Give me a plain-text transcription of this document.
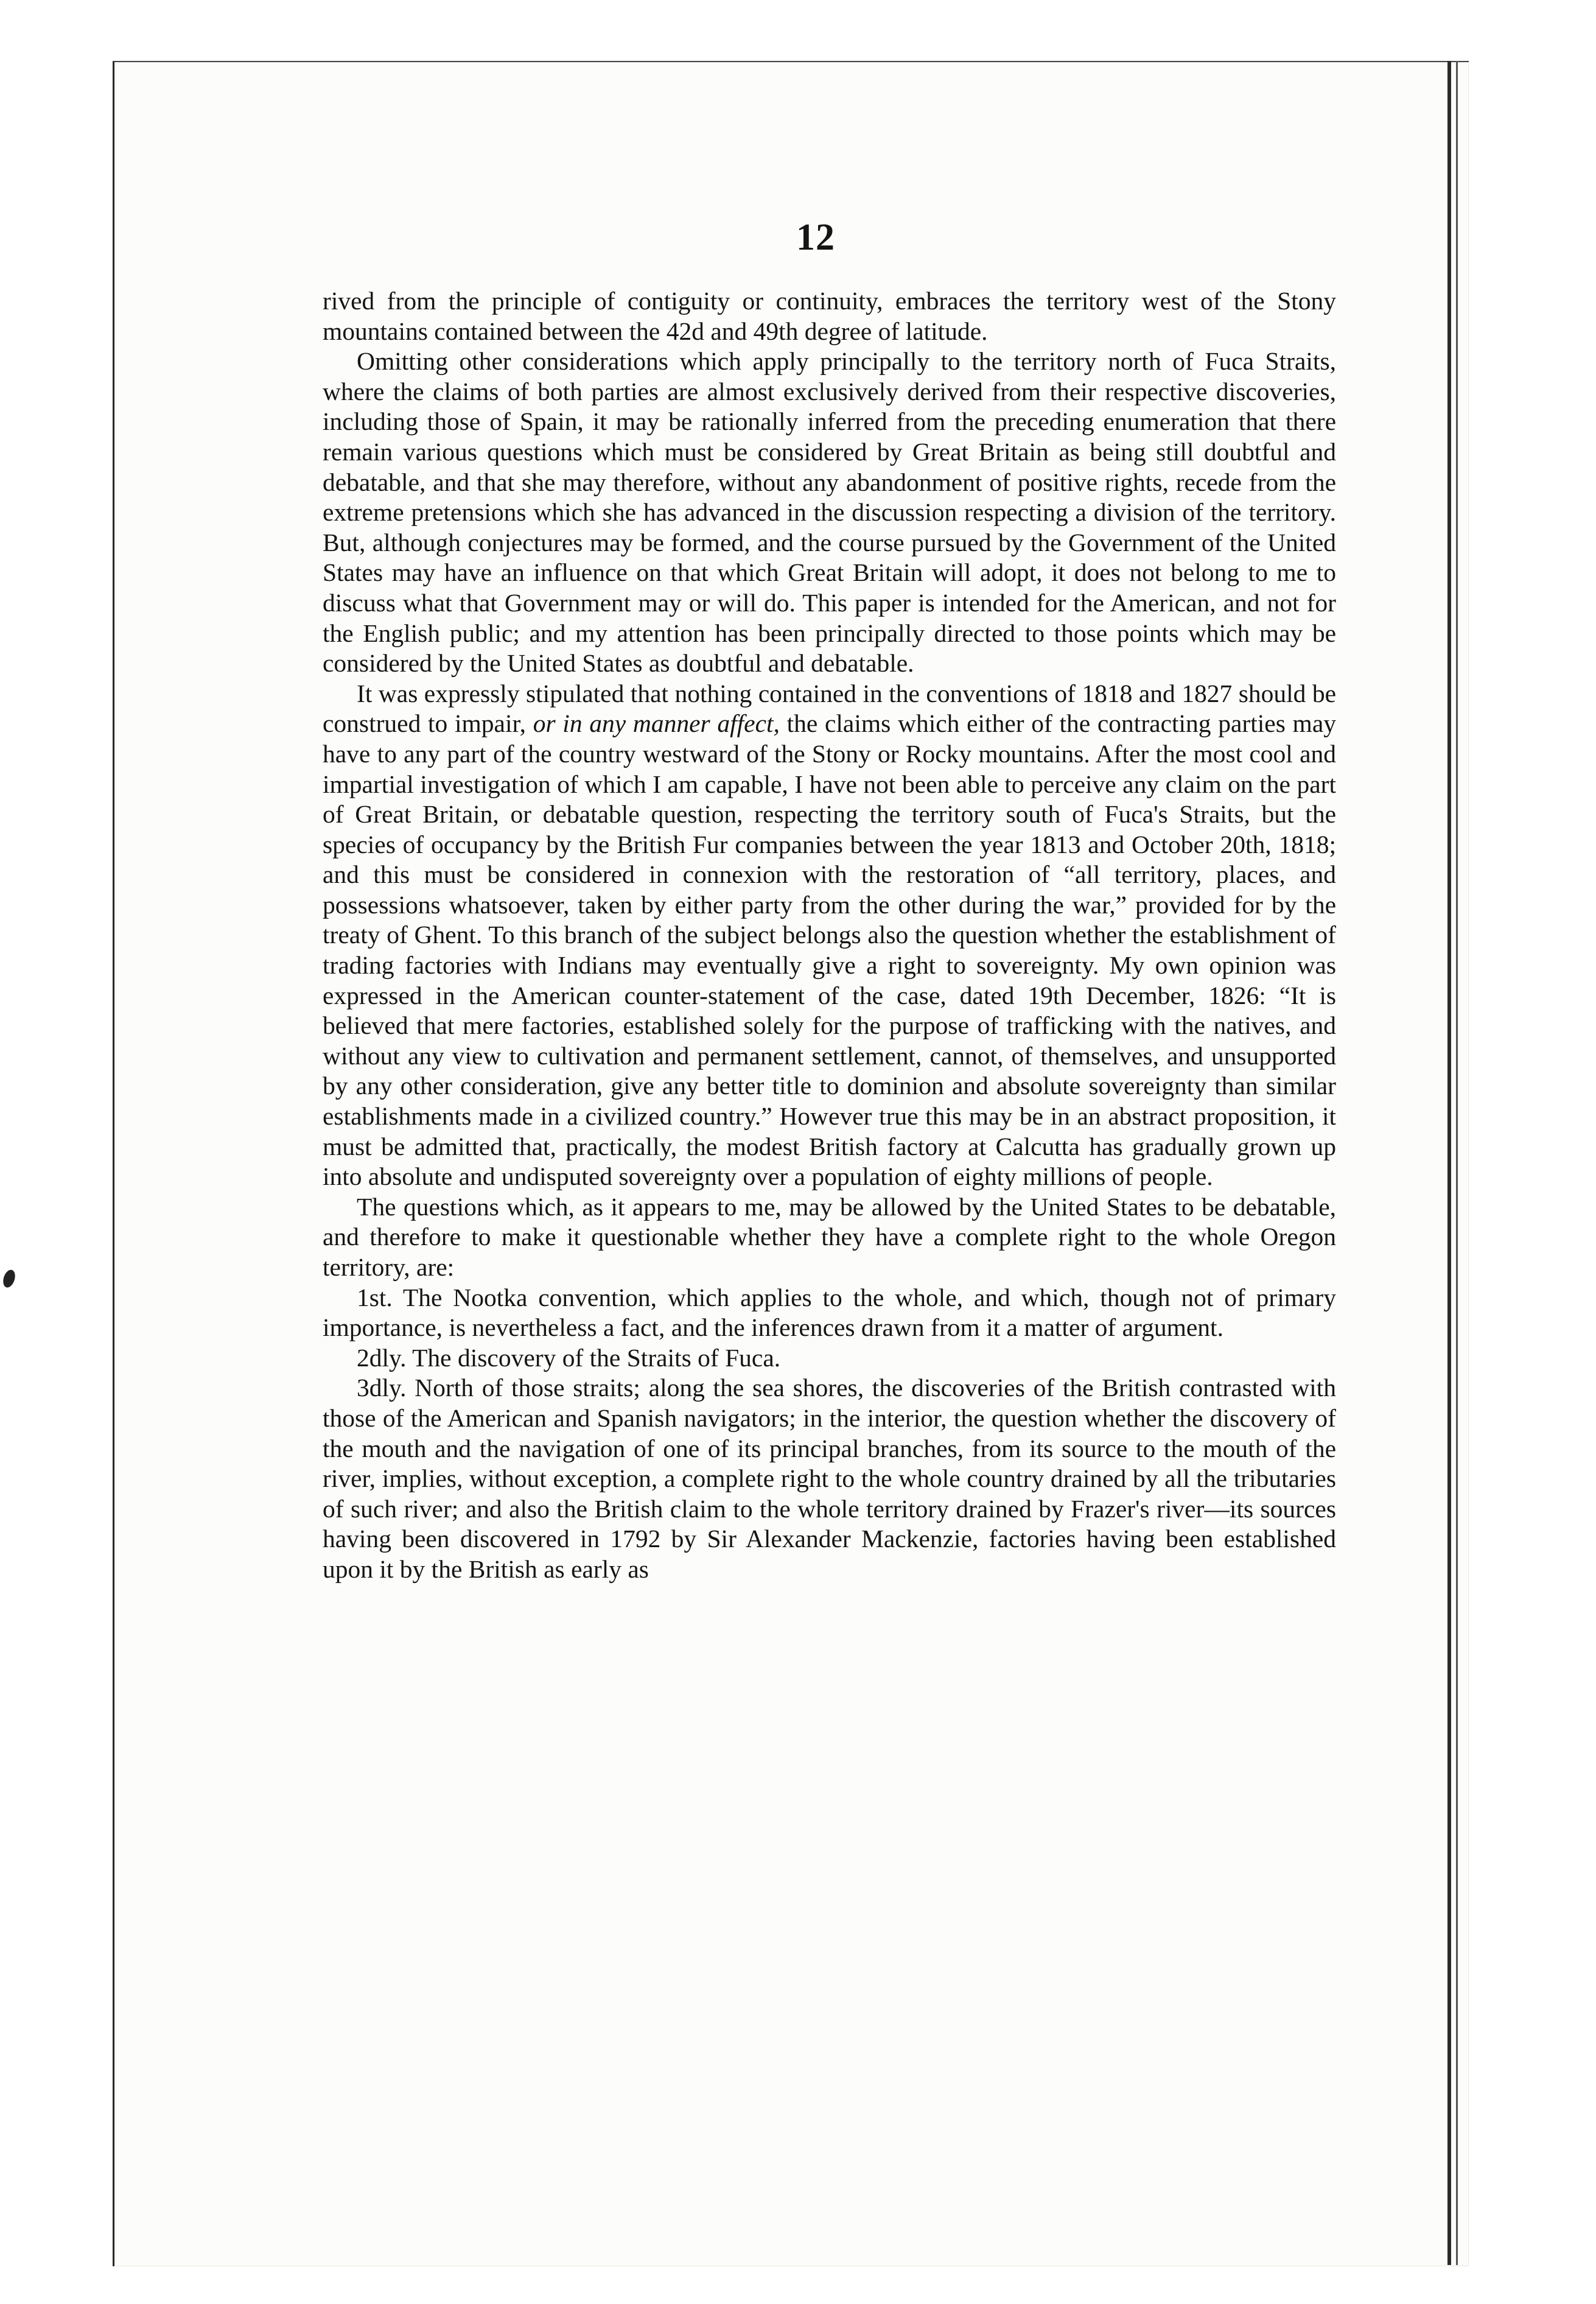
12

rived from the principle of contiguity or continuity, embraces the territory west of the Stony mountains contained between the 42d and 49th degree of latitude.

Omitting other considerations which apply principally to the territory north of Fuca Straits, where the claims of both parties are almost exclusively derived from their respective discoveries, including those of Spain, it may be rationally inferred from the preceding enumeration that there remain various questions which must be considered by Great Britain as being still doubtful and debatable, and that she may therefore, without any abandonment of positive rights, recede from the extreme pretensions which she has advanced in the discussion respecting a division of the territory. But, although conjectures may be formed, and the course pursued by the Government of the United States may have an influence on that which Great Britain will adopt, it does not belong to me to discuss what that Government may or will do. This paper is intended for the American, and not for the English public; and my attention has been principally directed to those points which may be considered by the United States as doubtful and debatable.

It was expressly stipulated that nothing contained in the conventions of 1818 and 1827 should be construed to impair, or in any manner affect, the claims which either of the contracting parties may have to any part of the country westward of the Stony or Rocky mountains. After the most cool and impartial investigation of which I am capable, I have not been able to perceive any claim on the part of Great Britain, or debatable question, respecting the territory south of Fuca's Straits, but the species of occupancy by the British Fur companies between the year 1813 and October 20th, 1818; and this must be considered in connexion with the restoration of “all territory, places, and possessions whatsoever, taken by either party from the other during the war,” provided for by the treaty of Ghent. To this branch of the subject belongs also the question whether the establishment of trading factories with Indians may eventually give a right to sovereignty. My own opinion was expressed in the American counter-statement of the case, dated 19th December, 1826: “It is believed that mere factories, established solely for the purpose of trafficking with the natives, and without any view to cultivation and permanent settlement, cannot, of themselves, and unsupported by any other consideration, give any better title to dominion and absolute sovereignty than similar establishments made in a civilized country.” However true this may be in an abstract proposition, it must be admitted that, practically, the modest British factory at Calcutta has gradually grown up into absolute and undisputed sovereignty over a population of eighty millions of people.

The questions which, as it appears to me, may be allowed by the United States to be debatable, and therefore to make it questionable whether they have a complete right to the whole Oregon territory, are:

1st. The Nootka convention, which applies to the whole, and which, though not of primary importance, is nevertheless a fact, and the inferences drawn from it a matter of argument.

2dly. The discovery of the Straits of Fuca.

3dly. North of those straits; along the sea shores, the discoveries of the British contrasted with those of the American and Spanish navigators; in the interior, the question whether the discovery of the mouth and the navigation of one of its principal branches, from its source to the mouth of the river, implies, without exception, a complete right to the whole country drained by all the tributaries of such river; and also the British claim to the whole territory drained by Frazer's river—its sources having been discovered in 1792 by Sir Alexander Mackenzie, factories having been established upon it by the British as early as
